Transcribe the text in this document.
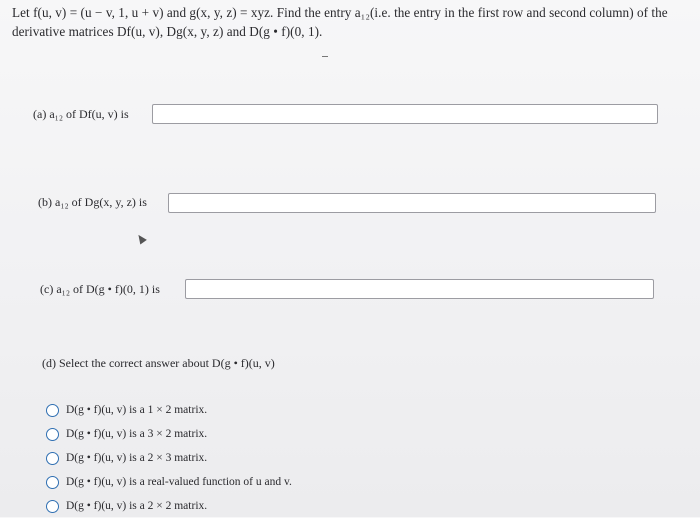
Let f(u, v) = (u − v, 1, u + v) and g(x, y, z) = xyz. Find the entry a₁₂(i.e. the entry in the first row and second column) of the

derivative matrices Df(u, v), Dg(x, y, z) and D(g • f)(0, 1).

(a) a₁₂ of Df(u, v) is
(b) a₁₂ of Dg(x, y, z) is
(c) a₁₂ of D(g • f)(0, 1) is
(d) Select the correct answer about D(g • f)(u, v)
D(g • f)(u, v) is a 1 × 2 matrix.
D(g • f)(u, v) is a 3 × 2 matrix.
D(g • f)(u, v) is a 2 × 3 matrix.
D(g • f)(u, v) is a real-valued function of u and v.
D(g • f)(u, v) is a 2 × 2 matrix.
